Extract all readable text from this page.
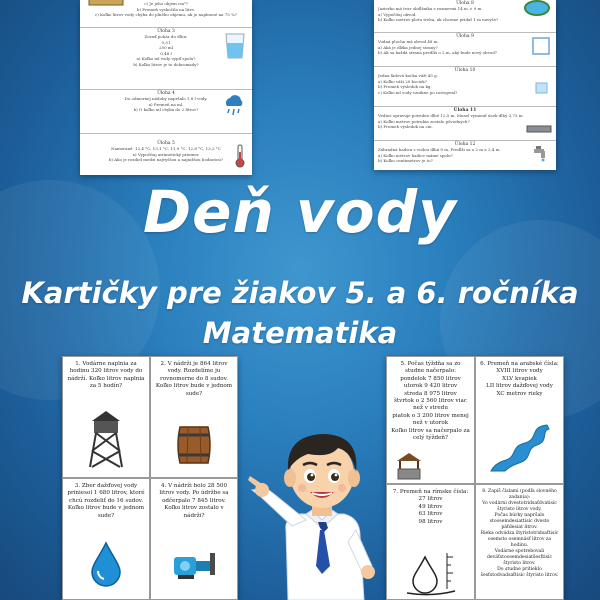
c) Je jeho objem cm³?
b) Premeň vyskočila na litre.
c) Koľko litrov vody chýba do plného objemu, ak je naplnené na 75 %?
Úloha 3
Zoraď pohár do dlhu:
0,5 l
250 ml
0,48 l
a) Koľko ml vody vypiľ spolu?
b) Koľko litrov je to dohromady?
Úloha 4
Do odmernej nádoby napršalo 1,8 l vody.
a) Premeň na ml.
b) O koľko ml chýba do 2 litrov?
Úloha 5
Namerané: 12,4 °C, 13,1 °C, 11,9 °C, 12,8 °C, 13,2 °C
a) Vypočítaj aritmetický priemer.
b) Ako je rozdiel medzi najvyššou a najnižšou hodnotou?
Úloha 8
Jazierko má tvar obdĺžnika s rozmermi 14 m × 9 m.
a) Vypočítaj obvod.
b) Koľko metrov plotu treba, ak chceme pridať 1 m navyše?
Úloha 9
Vodná plocha má obvod 48 m.
a) Aká je dĺžka jednej strany?
b) Ak sa každá strana predĺži o 2 m, aký bude nový obvod?
Úloha 10
Jedna ľadová kocka váži 45 g.
a) Koľko váži 20 kociek?
b) Premeň výsledok na kg.
c) Koľko ml vody vznikne po roztopení?
Úloha 11
Vedúci opravuje potrubie dlhé 12,5 m. Musel vymeniť úsek dlhý 3,75 m.
a) Koľko metrov potrubia zostalo pôvodných?
b) Premeň výsledok na cm.
Úloha 12
Záhradná hadica s vodou dlhá 8 m. Predĺži sa o 2 m a 2,4 m.
a) Koľko metrov hadice máme spolu?
b) Koľko centimetrov je to?
Deň vody
Kartičky pre žiakov 5. a 6. ročníka
Matematika
1. Vodárne naplnia za hodinu 320 litrov vody do nádrží. Koľko litrov naplnia za 5 hodín?
2. V nádrži je 864 litrov vody. Rozdelíme ju rovnomerne do 8 sudov. Koľko litrov bude v jednom sude?
3. Zber dažďovej vody priniesol 1 680 litrov, ktoré chcú rozdeliť do 16 sudov. Koľko litrov bude v jednom sude?
4. V nádrži bolo 28 500 litrov vody. Po údržbe sa odčerpalo 7 845 litrov. Koľko litrov zostalo v nádrži?
5. Počas týždňa sa zo studne načerpalo:
pondelok 7 850 litrov
utorok 9 420 litrov
streda 8 975 litrov
štvrtok o 2 560 litrov viac než v stredu
piatok o 3 200 litrov menej než v utorok
Koľko litrov sa načerpalo za celý týždeň?
6. Premeň na arabské čísla:
XVIII litrov vody
XLV kvapiek
LII litrov dažďovej vody
XC metrov rieky
7. Premeň na rímske čísla:
27 litrov
49 litrov
63 litrov
98 litrov
8. Zapíš číslami (podľa slovného zadania):
Vo vodárni dvestotridsaťdvatisíc štyristo litrov vody.
Počas búrky napršalo stoosemdesiattisíc dvesto päťdesiat litrov.
Rieka odvádza štyristotridsaťtisíc osemsto osemnásť litrov za hodinu.
Vodárne spotrebovali deväťstoosemdesiatšesťtisíc štyristo litrov.
Do studne pritieklo šesťstodvadsaťtisíc štyristo litrov.
